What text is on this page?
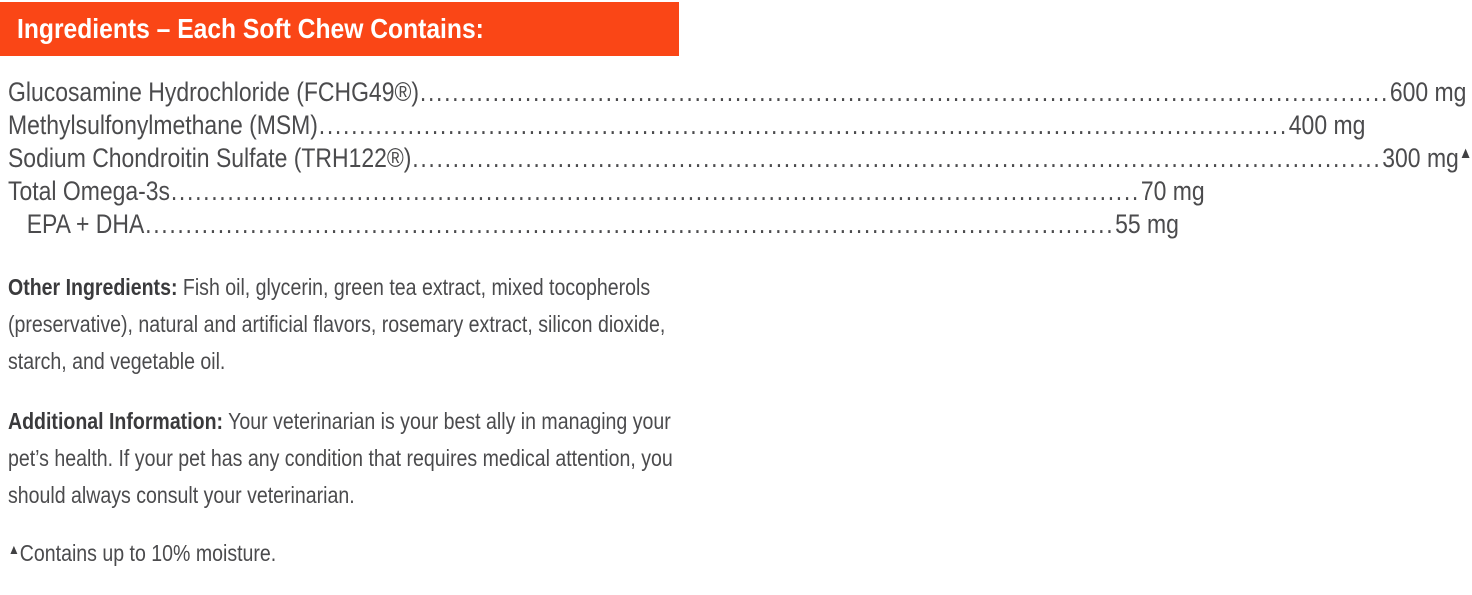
Ingredients – Each Soft Chew Contains:
Glucosamine Hydrochloride (FCHG49®) .....	600 mg
Methylsulfonylmethane (MSM) .....	400 mg
Sodium Chondroitin Sulfate (TRH122®) .....	300 mg ▲
Total Omega-3s .....	70 mg
EPA + DHA .....	55 mg

Other Ingredients: Fish oil, glycerin, green tea extract, mixed tocopherols (preservative), natural and artificial flavors, rosemary extract, silicon dioxide, starch, and vegetable oil.

Additional Information: Your veterinarian is your best ally in managing your pet’s health. If your pet has any condition that requires medical attention, you should always consult your veterinarian.

▲Contains up to 10% moisture.
